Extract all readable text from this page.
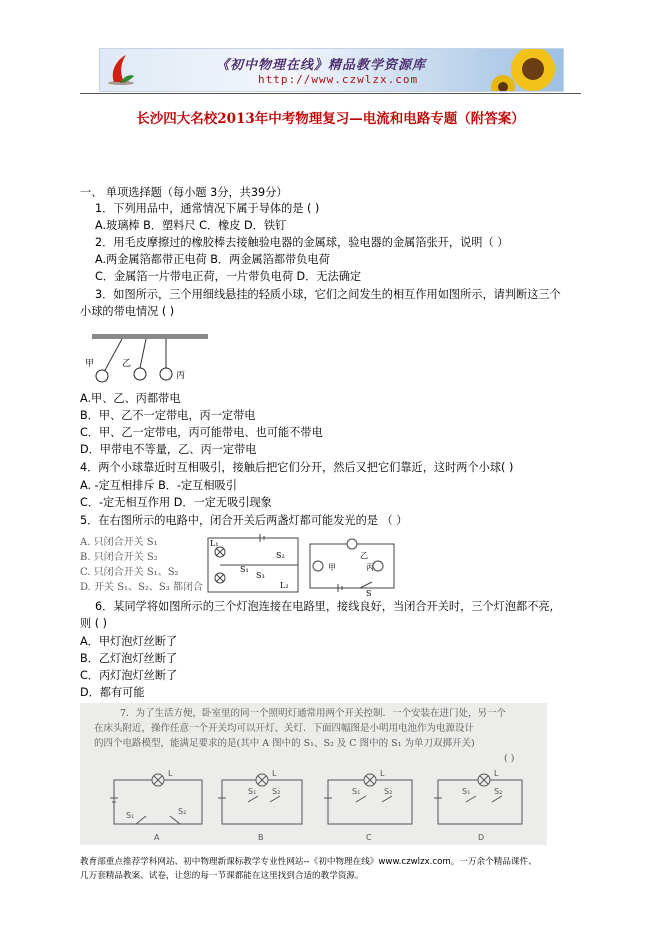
《初中物理在线》精品教学资源库
http://www.czwlzx.com
长沙四大名校2013年中考物理复习—电流和电路专题（附答案）
一、 单项选择题（每小题 3分，共39分）
1．下列用品中，通常情况下属于导体的是 ( )
A.玻璃棒 B．塑料尺 C．橡皮 D．铁钉
2．用毛皮摩擦过的橡胶棒去接触验电器的金属球，验电器的金属箔张开，说明（ ）
A.两金属箔都带正电荷 B．两金属箔都带负电荷
C．金属箔一片带电正荷，一片带负电荷 D．无法确定
3．如图所示，三个用细线悬挂的轻质小球，它们之间发生的相互作用如图所示，请判断这三个
小球的带电情况 ( )
甲	乙
丙
A.甲、乙、丙都带电
B．甲、乙不一定带电，丙一定带电
C．甲、乙一定带电，丙可能带电、也可能不带电
D．甲带电不等量，乙、丙一定带电
4．两个小球靠近时互相吸引，接触后把它们分开，然后又把它们靠近，这时两个小球( )
A. -定互相排斥 B．-定互相吸引
C．-定无相互作用 D．一定无吸引现象
5．在右图所示的电路中，闭合开关后两盏灯都可能发光的是 （ ）
A. 只闭合开关 S₁
B. 只闭合开关 S₂
C. 只闭合开关 S₁、S₂
D. 开关 S₁、S₂、S₃ 都闭合
L₁
S₁
S₂
S₃
L₂
甲
乙
丙
S
6．某同学将如图所示的三个灯泡连接在电路里，接线良好，当闭合开关时，三个灯泡都不亮,
则 ( )
A．甲灯泡灯丝断了
B．乙灯泡灯丝断了
C．丙灯泡灯丝断了
D．都有可能
7．为了生活方便，卧室里的同一个照明灯通常用两个开关控制．一个安装在进门处，另一个
在床头附近，操作任意一个开关均可以开灯、关灯．下面四幅图是小明用电池作为电源设计
的四个电路模型，能满足要求的是(其中 A 图中的 S₁、S₂ 及 C 图中的 S₁ 为单刀双掷开关)
( )
L
S₁	S₂
A
L
S₁ S₂
B
L
S₁	S₂
C
L
S₁	S₂
D
教育部重点推荐学科网站、初中物理新课标教学专业性网站--《初中物理在线》www.czwlzx.com。一万余个精品课件、
几万套精品教案、试卷，让您的每一节课都能在这里找到合适的教学资源。
